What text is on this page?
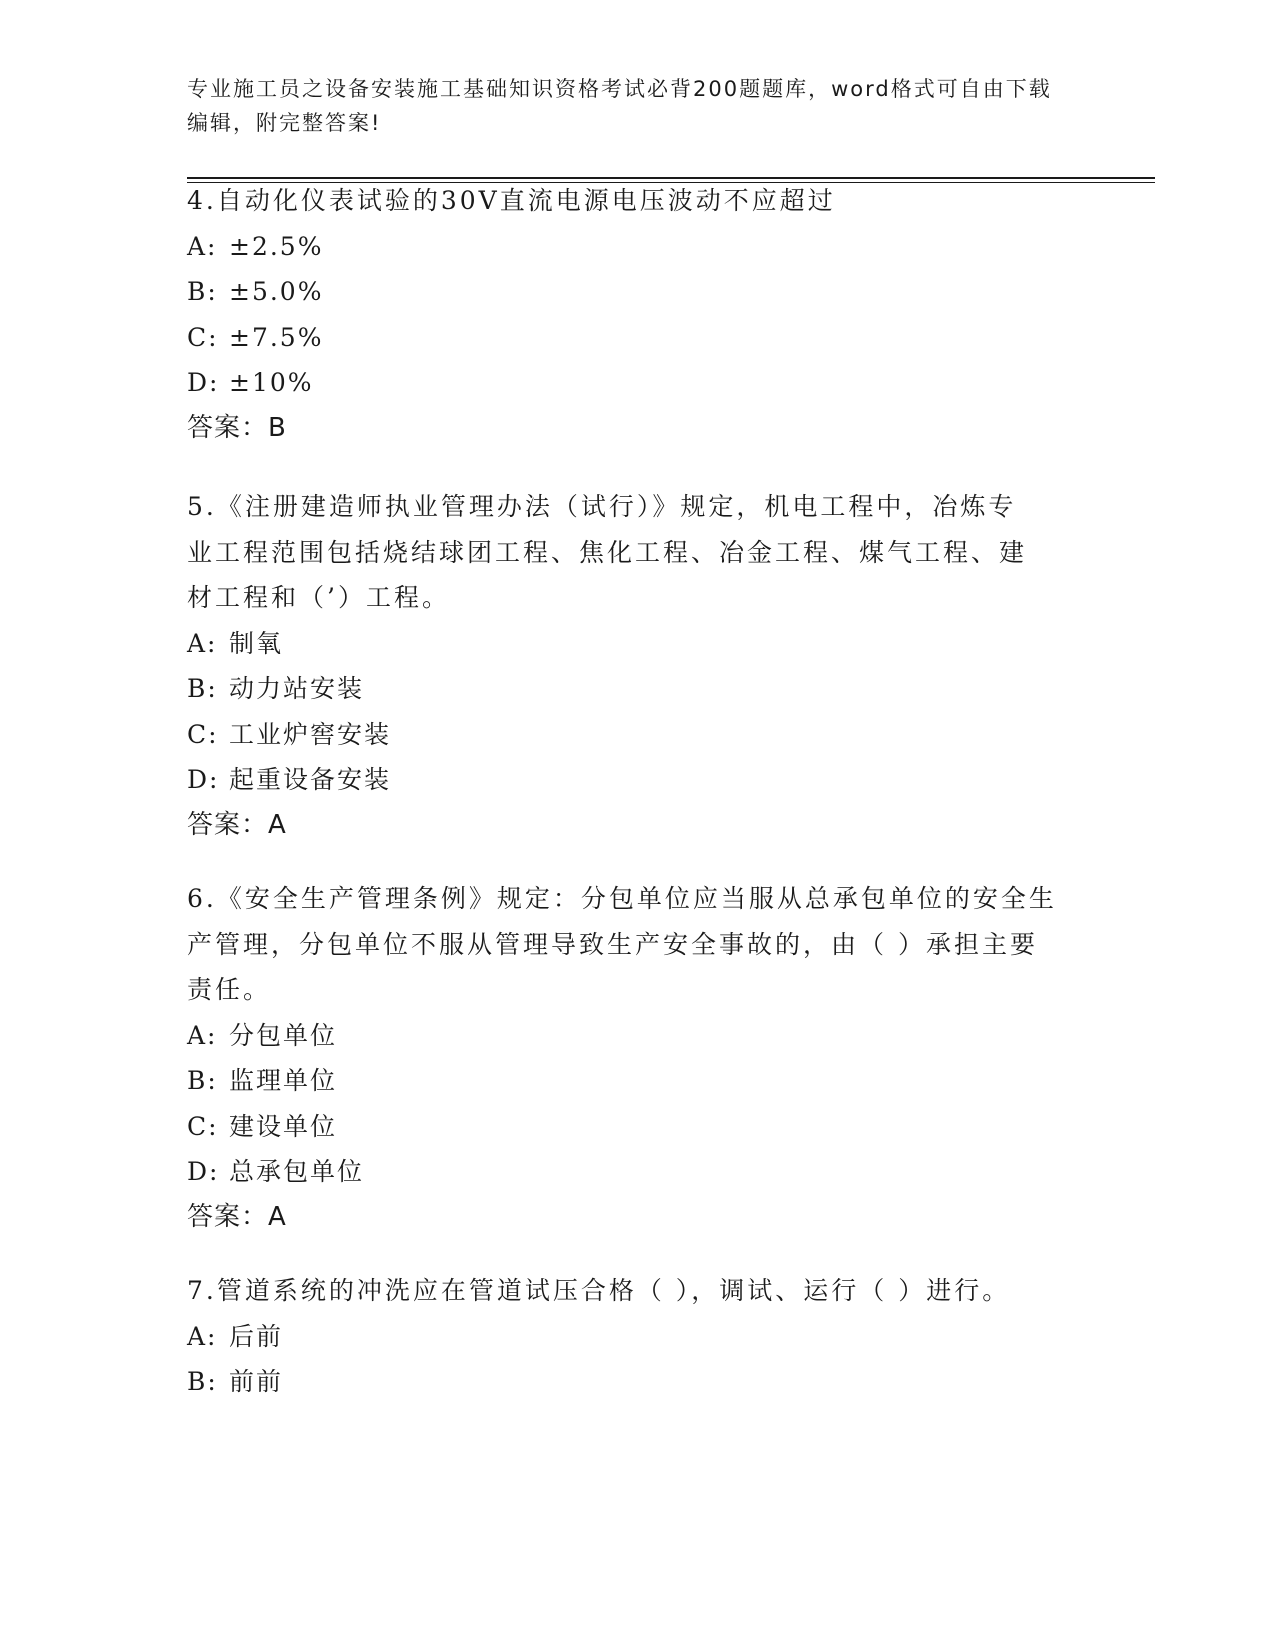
专业施工员之设备安装施工基础知识资格考试必背200题题库，word格式可自由下载编辑，附完整答案!

4.自动化仪表试验的30V直流电源电压波动不应超过

A: ±2.5%

B: ±5.0%

C: ±7.5%

D: ±10%

答案：B

5.《注册建造师执业管理办法（试行）》规定，机电工程中，冶炼专业工程范围包括烧结球团工程、焦化工程、冶金工程、煤气工程、建材工程和（’）工程。

A: 制氧

B: 动力站安装

C: 工业炉窖安装

D: 起重设备安装

答案：A

6.《安全生产管理条例》规定：分包单位应当服从总承包单位的安全生产管理，分包单位不服从管理导致生产安全事故的，由（ ）承担主要责任。

A: 分包单位

B: 监理单位

C: 建设单位

D: 总承包单位

答案：A

7.管道系统的冲洗应在管道试压合格（ ），调试、运行（ ）进行。

A: 后前

B: 前前
